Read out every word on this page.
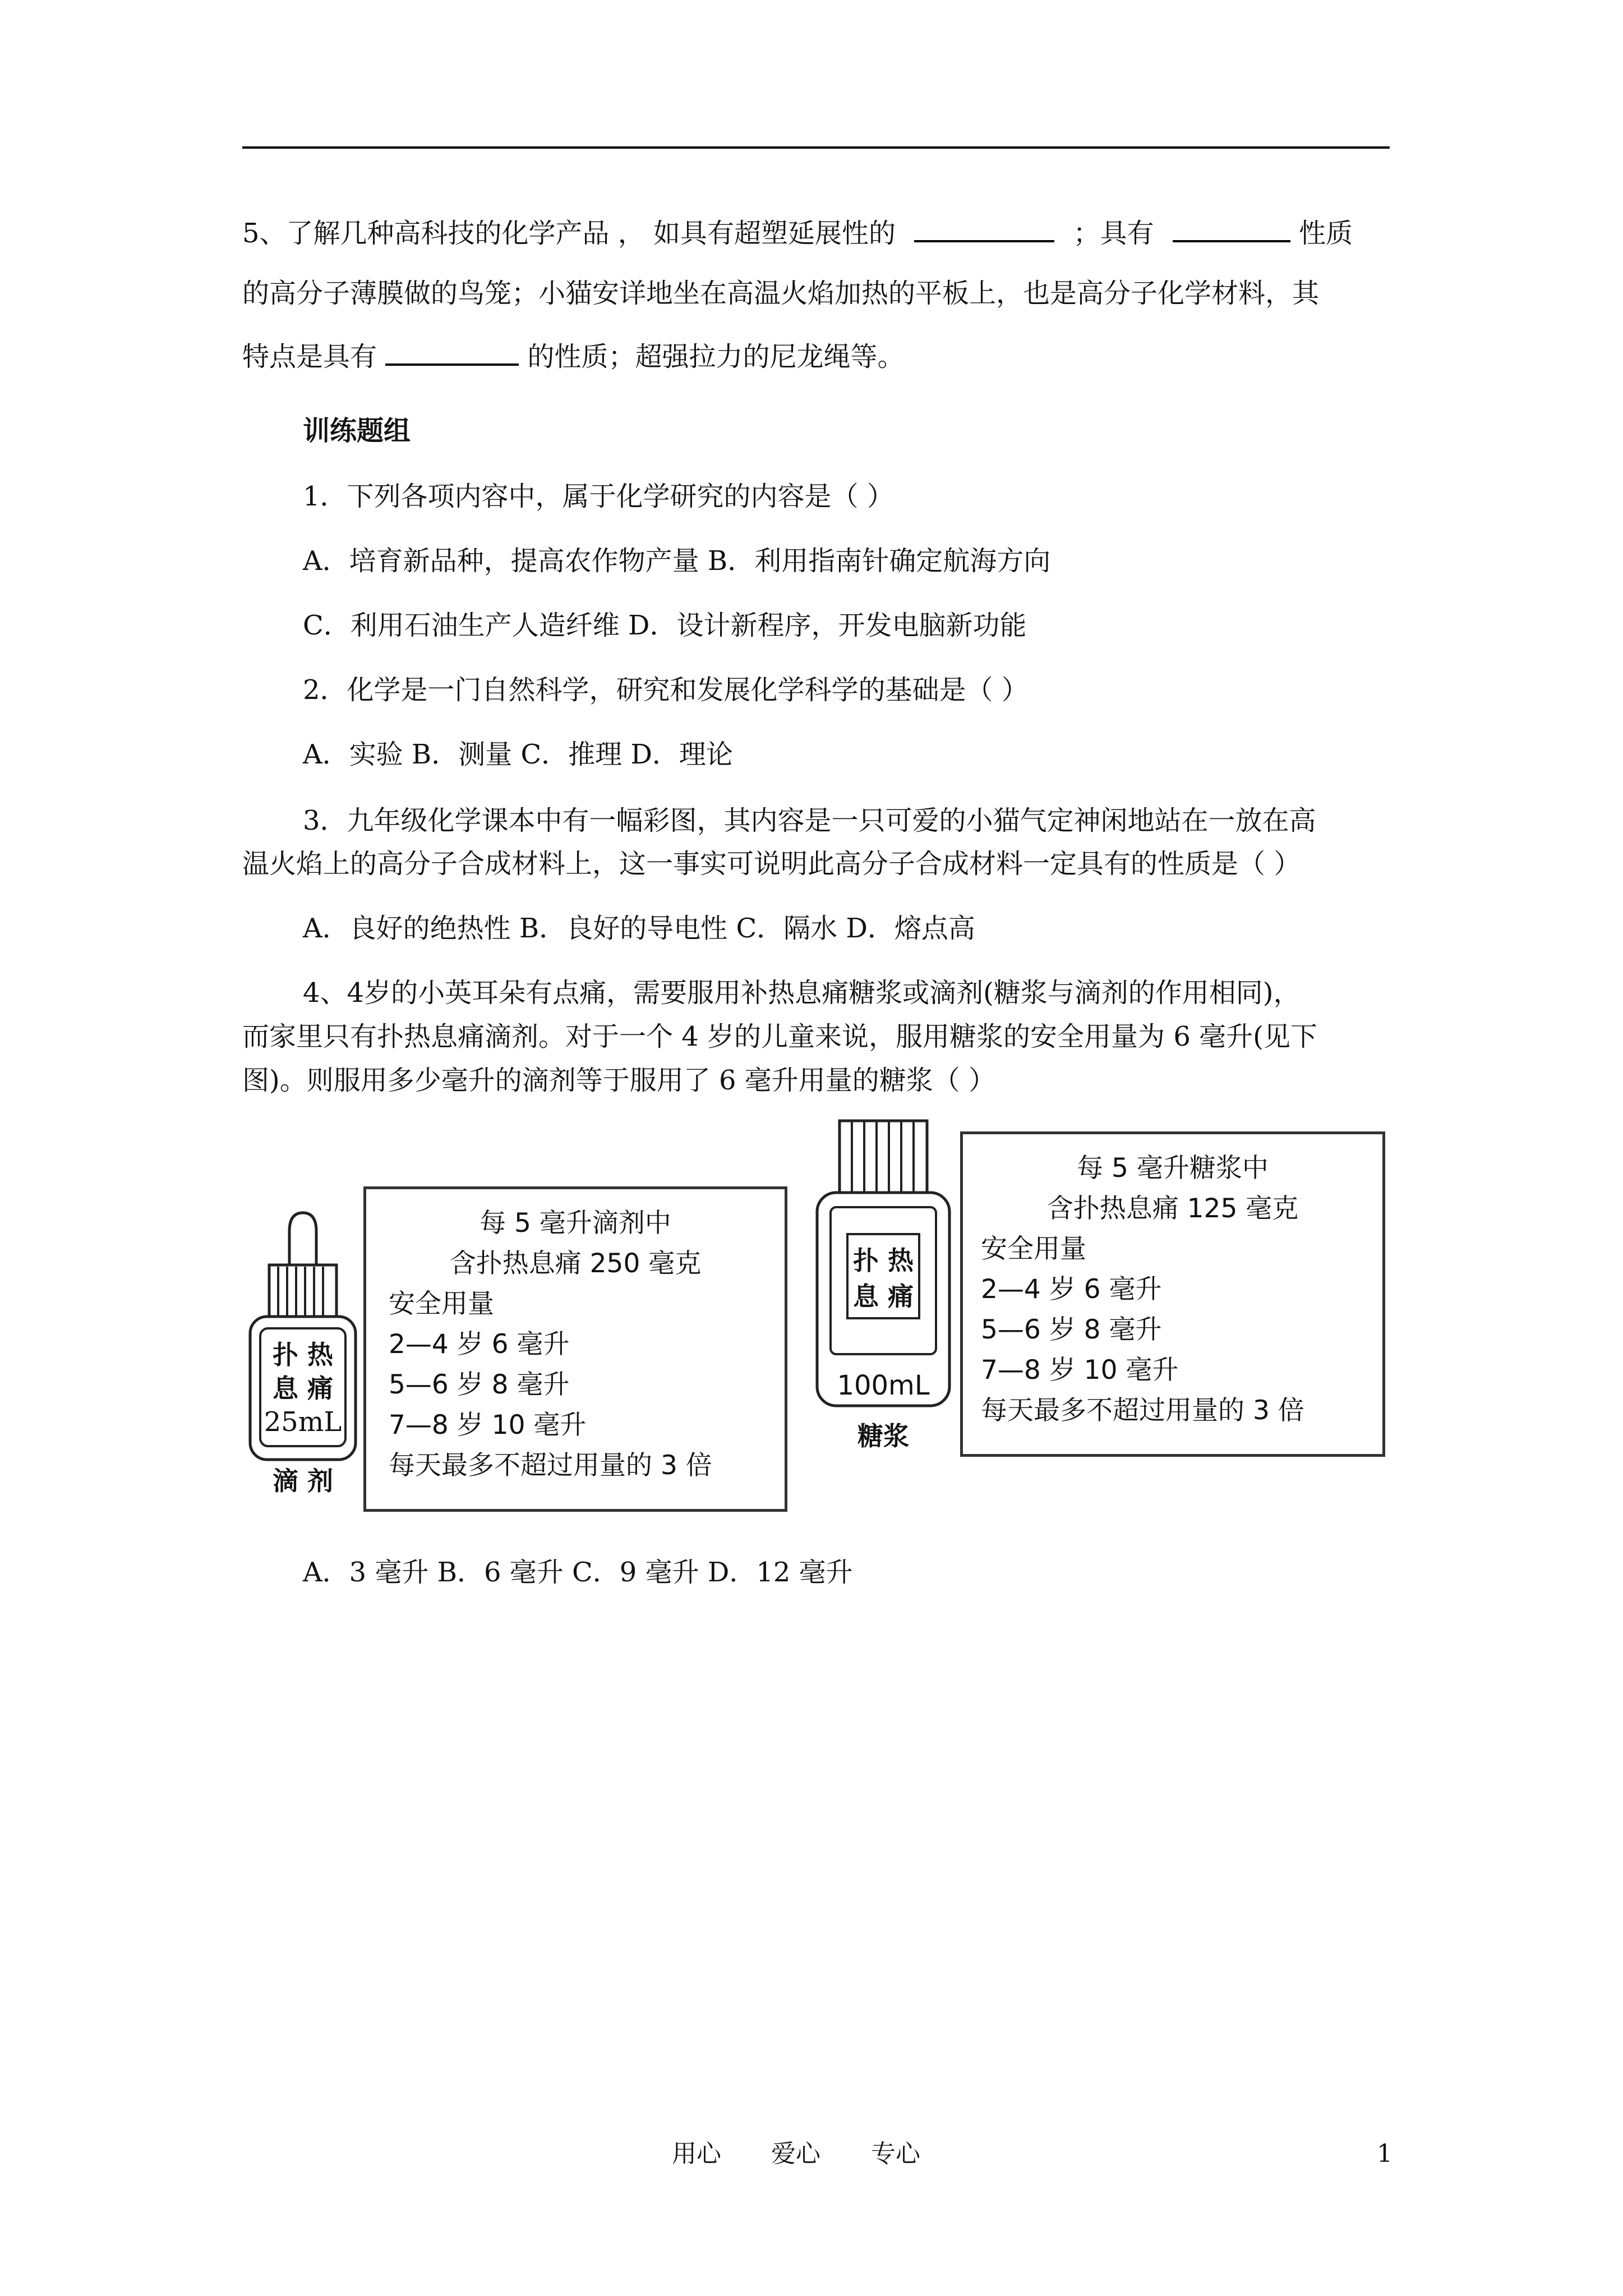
5、了解几种高科技的化学产品 ， 如具有超塑延展性的	；具有	性质
的高分子薄膜做的鸟笼；小猫安详地坐在高温火焰加热的平板上，也是高分子化学材料，其
特点是具有	的性质；超强拉力的尼龙绳等。
训练题组
1．下列各项内容中，属于化学研究的内容是（ ）
A．培育新品种，提高农作物产量 B．利用指南针确定航海方向
C．利用石油生产人造纤维 D．设计新程序，开发电脑新功能
2．化学是一门自然科学，研究和发展化学科学的基础是（ ）
A．实验 B．测量 C．推理 D．理论
3．九年级化学课本中有一幅彩图，其内容是一只可爱的小猫气定神闲地站在一放在高
温火焰上的高分子合成材料上，这一事实可说明此高分子合成材料一定具有的性质是（ ）
A．良好的绝热性 B．良好的导电性 C．隔水 D．熔点高
4、4岁的小英耳朵有点痛，需要服用补热息痛糖浆或滴剂(糖浆与滴剂的作用相同)，
而家里只有扑热息痛滴剂。对于一个 4 岁的儿童来说，服用糖浆的安全用量为 6 毫升(见下
图)。则服用多少毫升的滴剂等于服用了 6 毫升用量的糖浆（ ）
扑 热
息 痛
25mL
滴 剂
每 5 毫升滴剂中
含扑热息痛 250 毫克
安全用量
2—4 岁 6 毫升
5—6 岁 8 毫升
7—8 岁 10 毫升
每天最多不超过用量的 3 倍
扑 热
息 痛
100mL
糖浆
每 5 毫升糖浆中
含扑热息痛 125 毫克
安全用量
2—4 岁 6 毫升
5—6 岁 8 毫升
7—8 岁 10 毫升
每天最多不超过用量的 3 倍
A．3 毫升 B．6 毫升 C．9 毫升 D．12 毫升
用心 爱心 专心	1
